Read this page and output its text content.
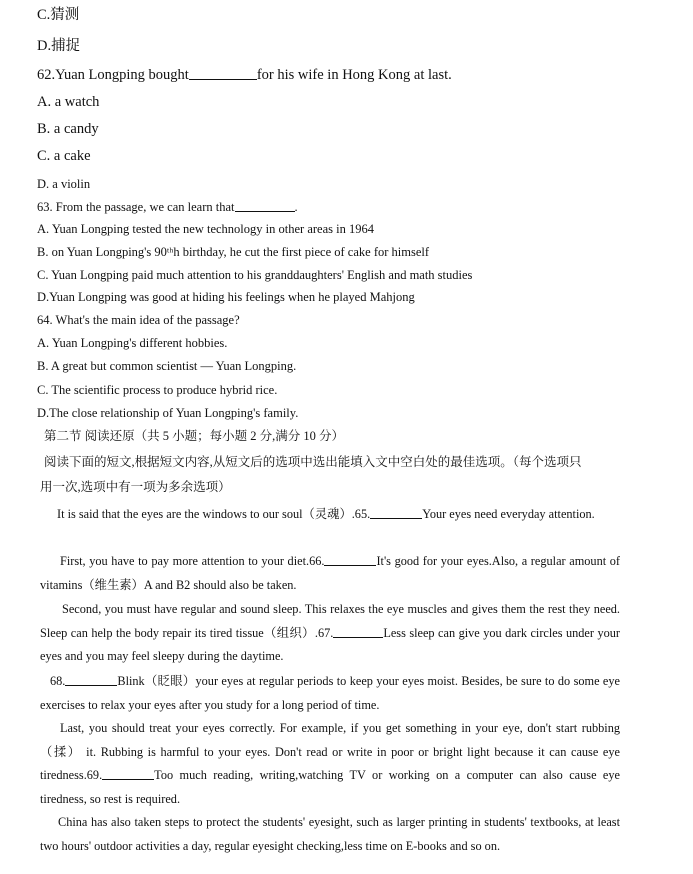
C.猜测
D.捕捉
62.Yuan Longping bought	for his wife in Hong Kong at last.
A. a watch
B. a candy
C. a cake
D. a violin
63. From the passage, we can learn that	.
A. Yuan Longping tested the new technology in other areas in 1964
B. on Yuan Longping's 90ᵗʰh birthday, he cut the first piece of cake for himself
C. Yuan Longping paid much attention to his granddaughters' English and math studies
D.Yuan Longping was good at hiding his feelings when he played Mahjong
64. What's the main idea of the passage?
A. Yuan Longping's different hobbies.
B. A great but common scientist — Yuan Longping.
C. The scientific process to produce hybrid rice.
D.The close relationship of Yuan Longping's family.
第二节 阅读还原（共 5 小题；每小题 2 分,满分 10 分）
阅读下面的短文,根据短文内容,从短文后的选项中选出能填入文中空白处的最佳选项。（每个选项只
用一次,选项中有一项为多余选项）
It is said that the eyes are the windows to our soul（灵魂）.65.	Your eyes need everyday attention.
First, you have to pay more attention to your diet.66.	It's good for your eyes.Also, a regular amount of vitamins（维生素）A and B2 should also be taken.
Second, you must have regular and sound sleep. This relaxes the eye muscles and gives them the rest they need. Sleep can help the body repair its tired tissue（组织）.67.	Less sleep can give you dark circles under your eyes and you may feel sleepy during the daytime.
68.	Blink（眨眼）your eyes at regular periods to keep your eyes moist. Besides, be sure to do some eye exercises to relax your eyes after you study for a long period of time.
Last, you should treat your eyes correctly. For example, if you get something in your eye, don't start rubbing（揉） it. Rubbing is harmful to your eyes. Don't read or write in poor or bright light because it can cause eye tiredness.69.	Too much reading, writing,watching TV or working on a computer can also cause eye tiredness, so rest is required.
China has also taken steps to protect the students' eyesight, such as larger printing in students' textbooks, at least two hours' outdoor activities a day, regular eyesight checking,less time on E-books and so on.
